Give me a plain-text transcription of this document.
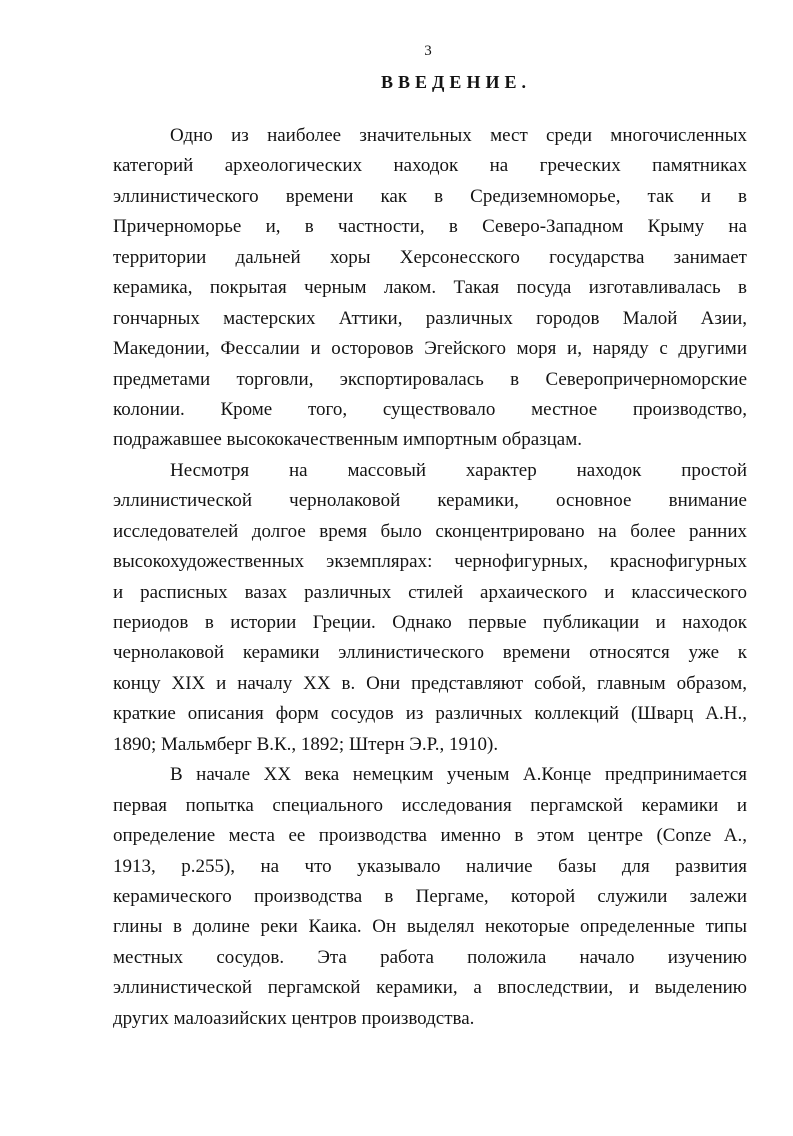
3
ВВЕДЕНИЕ.
Одно из наиболее значительных мест среди многочисленных
категорий археологических находок на греческих памятниках
эллинистического времени как в Средиземноморье, так и в
Причерноморье и, в частности, в Северо-Западном Крыму на
территории дальней хоры Херсонесского государства занимает
керамика, покрытая черным лаком. Такая посуда изготавливалась в
гончарных мастерских Аттики, различных городов Малой Азии,
Македонии, Фессалии и осторовов Эгейского моря и, наряду с другими
предметами торговли, экспортировалась в Северопричерноморские
колонии. Кроме того, существовало местное производство,
подражавшее высококачественным импортным образцам.
Несмотря на массовый характер находок простой
эллинистической чернолаковой керамики, основное внимание
исследователей долгое время было сконцентрировано на более ранних
высокохудожественных экземплярах: чернофигурных, краснофигурных
и расписных вазах различных стилей архаического и классического
периодов в истории Греции. Однако первые публикации и находок
чернолаковой керамики эллинистического времени относятся уже к
концу XIX и началу XX в. Они представляют собой, главным образом,
краткие описания форм сосудов из различных коллекций (Шварц А.Н.,
1890; Мальмберг В.К., 1892; Штерн Э.Р., 1910).
В начале XX века немецким ученым А.Конце предпринимается
первая попытка специального исследования пергамской керамики и
определение места ее производства именно в этом центре (Conze A.,
1913, p.255), на что указывало наличие базы для развития
керамического производства в Пергаме, которой служили залежи
глины в долине реки Каика. Он выделял некоторые определенные типы
местных сосудов. Эта работа положила начало изучению
эллинистической пергамской керамики, а впоследствии, и выделению
других малоазийских центров производства.
